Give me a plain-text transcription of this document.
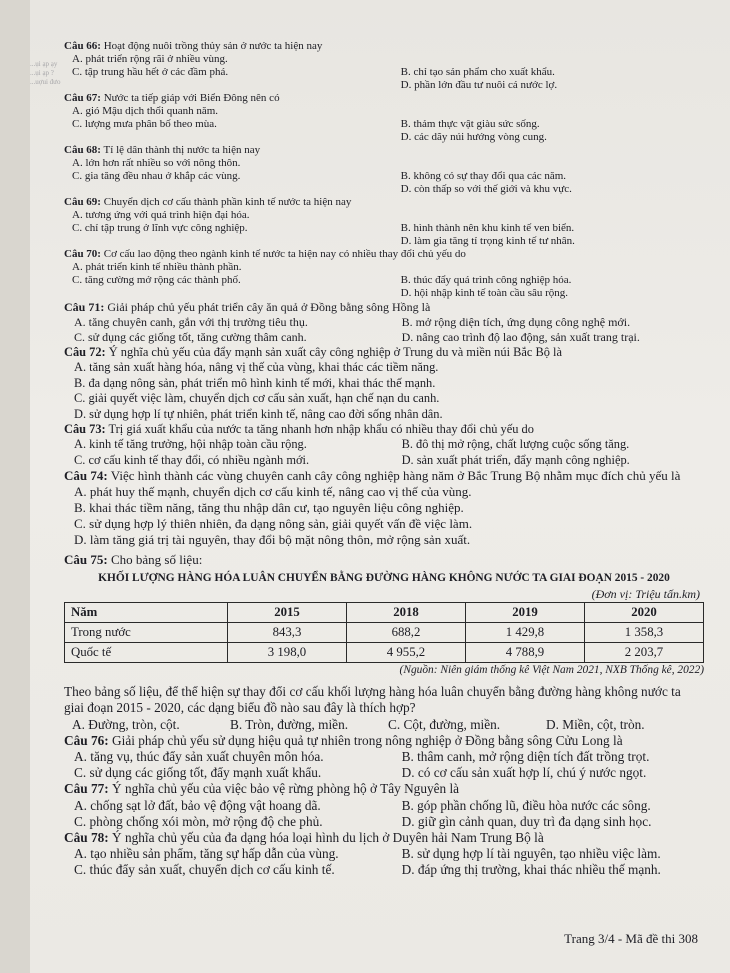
...ụi ạp ạy
...ụi ạp ?
...uợui đưo
Câu 66: Hoạt động nuôi trồng thủy sản ở nước ta hiện nay
A. phát triển rộng rãi ở nhiều vùng.
C. tập trung hầu hết ở các đầm phá.	B. chỉ tạo sản phẩm cho xuất khẩu.
D. phần lớn đầu tư nuôi cá nước lợ.
Câu 67: Nước ta tiếp giáp với Biển Đông nên có
A. gió Mậu dịch thổi quanh năm.
C. lượng mưa phân bố theo mùa.	B. thảm thực vật giàu sức sống.
D. các dãy núi hướng vòng cung.
Câu 68: Tỉ lệ dân thành thị nước ta hiện nay
A. lớn hơn rất nhiều so với nông thôn.
C. gia tăng đều nhau ở khắp các vùng.	B. không có sự thay đổi qua các năm.
D. còn thấp so với thế giới và khu vực.
Câu 69: Chuyển dịch cơ cấu thành phần kinh tế nước ta hiện nay
A. tương ứng với quá trình hiện đại hóa.
C. chỉ tập trung ở lĩnh vực công nghiệp.	B. hình thành nên khu kinh tế ven biển.
D. làm gia tăng tỉ trọng kinh tế tư nhân.
Câu 70: Cơ cấu lao động theo ngành kinh tế nước ta hiện nay có nhiều thay đổi chủ yếu do
A. phát triển kinh tế nhiều thành phần.
C. tăng cường mở rộng các thành phố.	B. thúc đẩy quá trình công nghiệp hóa.
D. hội nhập kinh tế toàn cầu sâu rộng.
Câu 71: Giải pháp chủ yếu phát triển cây ăn quả ở Đồng bằng sông Hồng là
A. tăng chuyên canh, gắn với thị trường tiêu thụ.	B. mở rộng diện tích, ứng dụng công nghệ mới.
C. sử dụng các giống tốt, tăng cường thâm canh.	D. nâng cao trình độ lao động, sản xuất trang trại.
Câu 72: Ý nghĩa chủ yếu của đẩy mạnh sản xuất cây công nghiệp ở Trung du và miền núi Bắc Bộ là
A. tăng sản xuất hàng hóa, nâng vị thế của vùng, khai thác các tiềm năng.
B. đa dạng nông sản, phát triển mô hình kinh tế mới, khai thác thế mạnh.
C. giải quyết việc làm, chuyển dịch cơ cấu sản xuất, hạn chế nạn du canh.
D. sử dụng hợp lí tự nhiên, phát triển kinh tế, nâng cao đời sống nhân dân.
Câu 73: Trị giá xuất khẩu của nước ta tăng nhanh hơn nhập khẩu có nhiều thay đổi chủ yếu do
A. kinh tế tăng trưởng, hội nhập toàn cầu rộng.	B. đô thị mở rộng, chất lượng cuộc sống tăng.
C. cơ cấu kinh tế thay đổi, có nhiều ngành mới.	D. sản xuất phát triển, đẩy mạnh công nghiệp.
Câu 74: Việc hình thành các vùng chuyên canh cây công nghiệp hàng năm ở Bắc Trung Bộ nhằm mục đích chủ yếu là
A. phát huy thế mạnh, chuyển dịch cơ cấu kinh tế, nâng cao vị thế của vùng.
B. khai thác tiềm năng, tăng thu nhập dân cư, tạo nguyên liệu công nghiệp.
C. sử dụng hợp lý thiên nhiên, đa dạng nông sản, giải quyết vấn đề việc làm.
D. làm tăng giá trị tài nguyên, thay đổi bộ mặt nông thôn, mở rộng sản xuất.
Câu 75: Cho bảng số liệu:
KHỐI LƯỢNG HÀNG HÓA LUÂN CHUYỂN BẰNG ĐƯỜNG HÀNG KHÔNG NƯỚC TA GIAI ĐOẠN 2015 - 2020
(Đơn vị: Triệu tấn.km)
Năm	2015	2018	2019	2020
Trong nước	843,3	688,2	1 429,8	1 358,3
Quốc tế	3 198,0	4 955,2	4 788,9	2 203,7
(Nguồn: Niên giám thống kê Việt Nam 2021, NXB Thống kê, 2022)
Theo bảng số liệu, để thể hiện sự thay đổi cơ cấu khối lượng hàng hóa luân chuyển bằng đường hàng không nước ta giai đoạn 2015 - 2020, các dạng biểu đồ nào sau đây là thích hợp?
A. Đường, tròn, cột.	B. Tròn, đường, miền.	C. Cột, đường, miền.	D. Miền, cột, tròn.
Câu 76: Giải pháp chủ yếu sử dụng hiệu quả tự nhiên trong nông nghiệp ở Đồng bằng sông Cửu Long là
A. tăng vụ, thúc đẩy sản xuất chuyên môn hóa.	B. thâm canh, mở rộng diện tích đất trồng trọt.
C. sử dụng các giống tốt, đẩy mạnh xuất khẩu.	D. có cơ cấu sản xuất hợp lí, chú ý nước ngọt.
Câu 77: Ý nghĩa chủ yếu của việc bảo vệ rừng phòng hộ ở Tây Nguyên là
A. chống sạt lở đất, bảo vệ động vật hoang dã.	B. góp phần chống lũ, điều hòa nước các sông.
C. phòng chống xói mòn, mở rộng độ che phủ.	D. giữ gìn cảnh quan, duy trì đa dạng sinh học.
Câu 78: Ý nghĩa chủ yếu của đa dạng hóa loại hình du lịch ở Duyên hải Nam Trung Bộ là
A. tạo nhiều sản phẩm, tăng sự hấp dẫn của vùng.	B. sử dụng hợp lí tài nguyên, tạo nhiều việc làm.
C. thúc đẩy sản xuất, chuyển dịch cơ cấu kinh tế.	D. đáp ứng thị trường, khai thác nhiều thế mạnh.
Trang 3/4 - Mã đề thi 308
